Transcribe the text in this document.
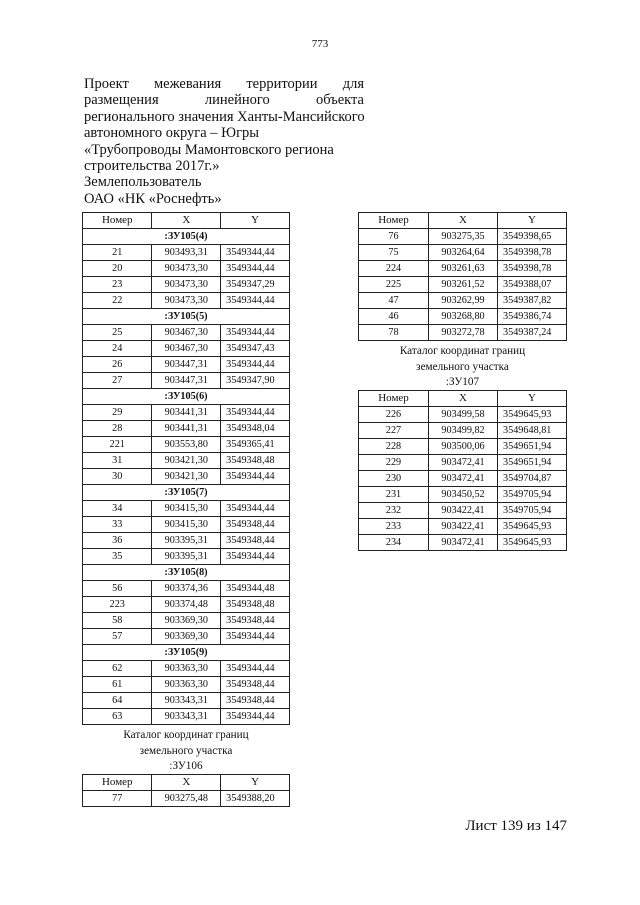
773
Проект межевания территории для
размещения линейного объекта
регионального значения Ханты-Мансийского
автономного округа – Югры
«Трубопроводы Мамонтовского региона
строительства 2017г.»
Землепользователь
ОАО «НК «Роснефть»
Номер	X	Y
:ЗУ105(4)		
21	903493,31	3549344,44
20	903473,30	3549344,44
23	903473,30	3549347,29
22	903473,30	3549344,44
:ЗУ105(5)		
25	903467,30	3549344,44
24	903467,30	3549347,43
26	903447,31	3549344,44
27	903447,31	3549347,90
:ЗУ105(6)		
29	903441,31	3549344,44
28	903441,31	3549348,04
221	903553,80	3549365,41
31	903421,30	3549348,48
30	903421,30	3549344,44
:ЗУ105(7)		
34	903415,30	3549344,44
33	903415,30	3549348,44
36	903395,31	3549348,44
35	903395,31	3549344,44
:ЗУ105(8)		
56	903374,36	3549344,48
223	903374,48	3549348,48
58	903369,30	3549348,44
57	903369,30	3549344,44
:ЗУ105(9)		
62	903363,30	3549344,44
61	903363,30	3549348,44
64	903343,31	3549348,44
63	903343,31	3549344,44
Номер	X	Y
76	903275,35	3549398,65
75	903264,64	3549398,78
224	903261,63	3549398,78
225	903261,52	3549388,07
47	903262,99	3549387,82
46	903268,80	3549386,74
78	903272,78	3549387,24
Каталог координат границ
земельного участка
:ЗУ107
Номер	X	Y
226	903499,58	3549645,93
227	903499,82	3549648,81
228	903500,06	3549651,94
229	903472,41	3549651,94
230	903472,41	3549704,87
231	903450,52	3549705,94
232	903422,41	3549705,94
233	903422,41	3549645,93
234	903472,41	3549645,93
Каталог координат границ
земельного участка
:ЗУ106
Номер	X	Y
77	903275,48	3549388,20
Лист 139 из 147
